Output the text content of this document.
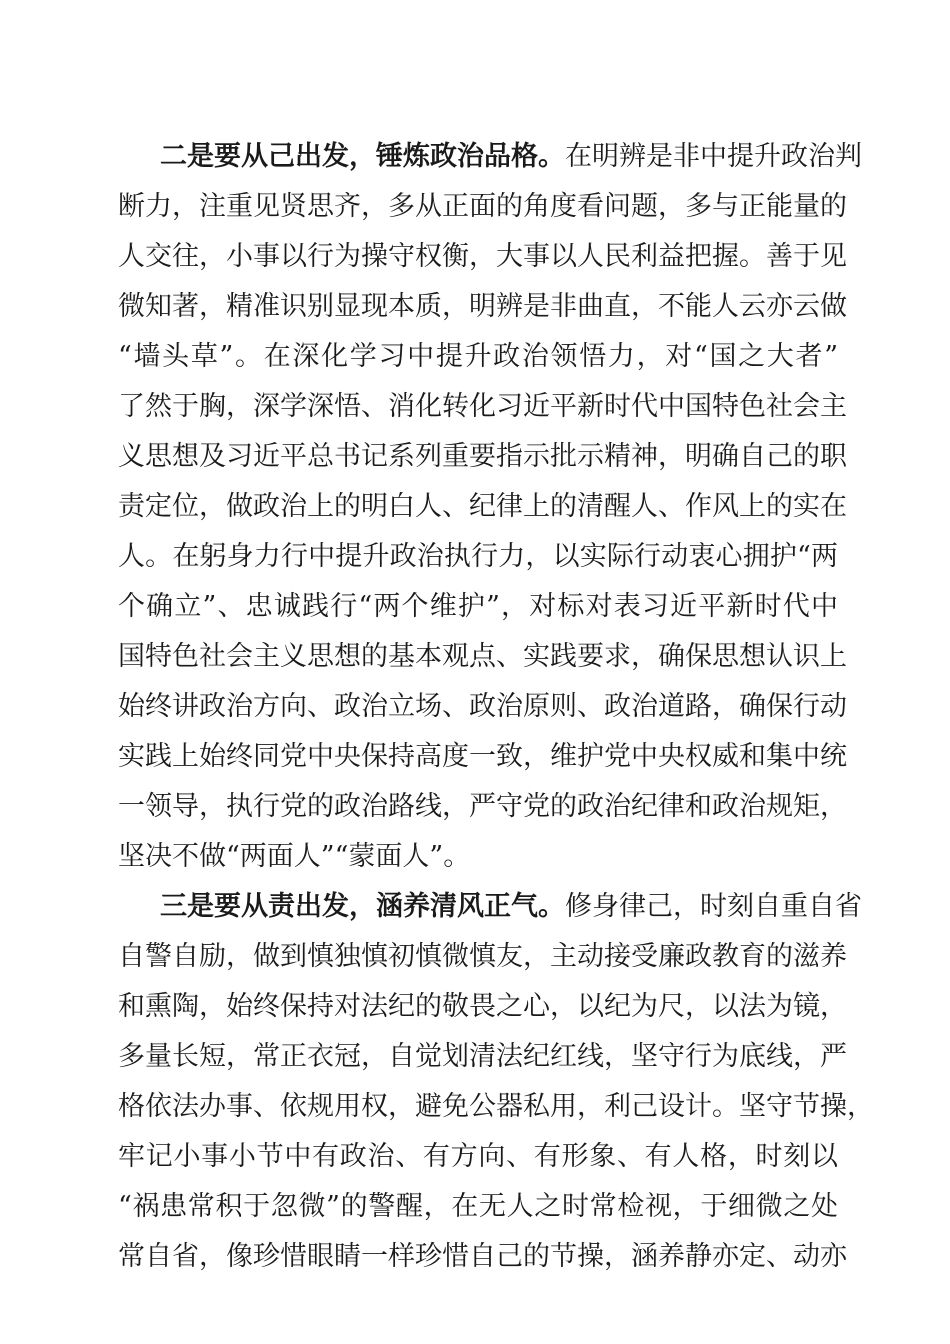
二是要从己出发，锤炼政治品格。在明辨是非中提升政治判
断力，注重见贤思齐，多从正面的角度看问题，多与正能量的
人交往，小事以行为操守权衡，大事以人民利益把握。善于见
微知著，精准识别显现本质，明辨是非曲直，不能人云亦云做
“墙头草”。在深化学习中提升政治领悟力，对“国之大者”
了然于胸，深学深悟、消化转化习近平新时代中国特色社会主
义思想及习近平总书记系列重要指示批示精神，明确自己的职
责定位，做政治上的明白人、纪律上的清醒人、作风上的实在
人。在躬身力行中提升政治执行力，以实际行动衷心拥护“两
个确立”、忠诚践行“两个维护”，对标对表习近平新时代中
国特色社会主义思想的基本观点、实践要求，确保思想认识上
始终讲政治方向、政治立场、政治原则、政治道路，确保行动
实践上始终同党中央保持高度一致，维护党中央权威和集中统
一领导，执行党的政治路线，严守党的政治纪律和政治规矩，
坚决不做“两面人”“蒙面人”。
三是要从责出发，涵养清风正气。修身律己，时刻自重自省
自警自励，做到慎独慎初慎微慎友，主动接受廉政教育的滋养
和熏陶，始终保持对法纪的敬畏之心，以纪为尺，以法为镜，
多量长短，常正衣冠，自觉划清法纪红线，坚守行为底线，严
格依法办事、依规用权，避免公器私用，利己设计。坚守节操，
牢记小事小节中有政治、有方向、有形象、有人格，时刻以
“祸患常积于忽微”的警醒，在无人之时常检视，于细微之处
常自省，像珍惜眼睛一样珍惜自己的节操，涵养静亦定、动亦
